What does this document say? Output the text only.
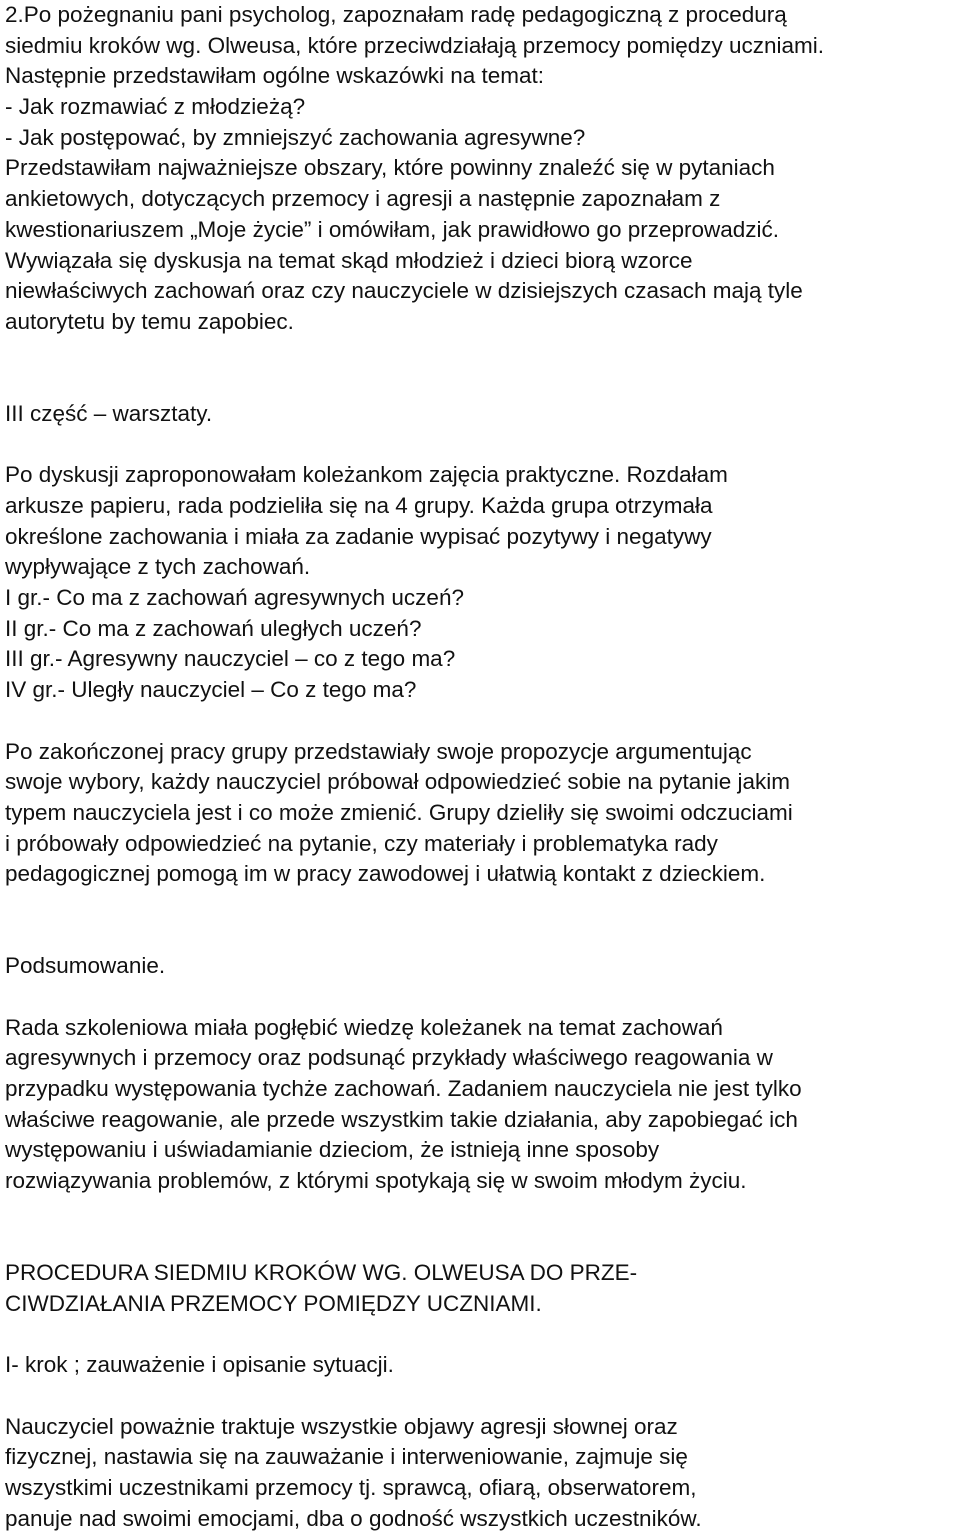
2.Po pożegnaniu pani psycholog, zapoznałam radę pedagogiczną z procedurą
siedmiu kroków wg. Olweusa, które przeciwdziałają przemocy pomiędzy uczniami.
Następnie przedstawiłam ogólne wskazówki na temat:
- Jak rozmawiać z młodzieżą?
- Jak postępować, by zmniejszyć zachowania agresywne?
Przedstawiłam najważniejsze obszary, które powinny znaleźć się w pytaniach
ankietowych, dotyczących przemocy i agresji a następnie zapoznałam z
kwestionariuszem „Moje życie” i omówiłam, jak prawidłowo go przeprowadzić.
Wywiązała się dyskusja na temat skąd młodzież i dzieci biorą wzorce
niewłaściwych zachowań oraz czy nauczyciele w dzisiejszych czasach mają tyle
autorytetu by temu zapobiec.
III część – warsztaty.
Po dyskusji zaproponowałam koleżankom zajęcia praktyczne. Rozdałam
arkusze papieru, rada podzieliła się na 4 grupy. Każda grupa otrzymała
określone zachowania i miała za zadanie wypisać pozytywy i negatywy
wypływające z tych zachowań.
I gr.- Co ma z zachowań agresywnych uczeń?
II gr.- Co ma z zachowań uległych uczeń?
III gr.- Agresywny nauczyciel – co z tego ma?
IV gr.- Uległy nauczyciel – Co z tego ma?
Po zakończonej pracy grupy przedstawiały swoje propozycje argumentując
swoje wybory, każdy nauczyciel próbował odpowiedzieć sobie na pytanie jakim
typem nauczyciela jest i co może zmienić. Grupy dzieliły się swoimi odczuciami
i próbowały odpowiedzieć na pytanie, czy materiały i problematyka rady
pedagogicznej pomogą im w pracy zawodowej i ułatwią kontakt z dzieckiem.
Podsumowanie.
Rada szkoleniowa miała pogłębić wiedzę koleżanek na temat zachowań
agresywnych i przemocy oraz podsunąć przykłady właściwego reagowania w
przypadku występowania tychże zachowań. Zadaniem nauczyciela nie jest tylko
właściwe reagowanie, ale przede wszystkim takie działania, aby zapobiegać ich
występowaniu i uświadamianie dzieciom, że istnieją inne sposoby
rozwiązywania problemów, z którymi spotykają się w swoim młodym życiu.
PROCEDURA SIEDMIU KROKÓW WG. OLWEUSA DO PRZE-
CIWDZIAŁANIA PRZEMOCY POMIĘDZY UCZNIAMI.
I- krok ; zauważenie i opisanie sytuacji.
Nauczyciel poważnie traktuje wszystkie objawy agresji słownej oraz
fizycznej, nastawia się na zauważanie i interweniowanie, zajmuje się
wszystkimi uczestnikami przemocy tj. sprawcą, ofiarą, obserwatorem,
panuje nad swoimi emocjami, dba o godność wszystkich uczestników.
